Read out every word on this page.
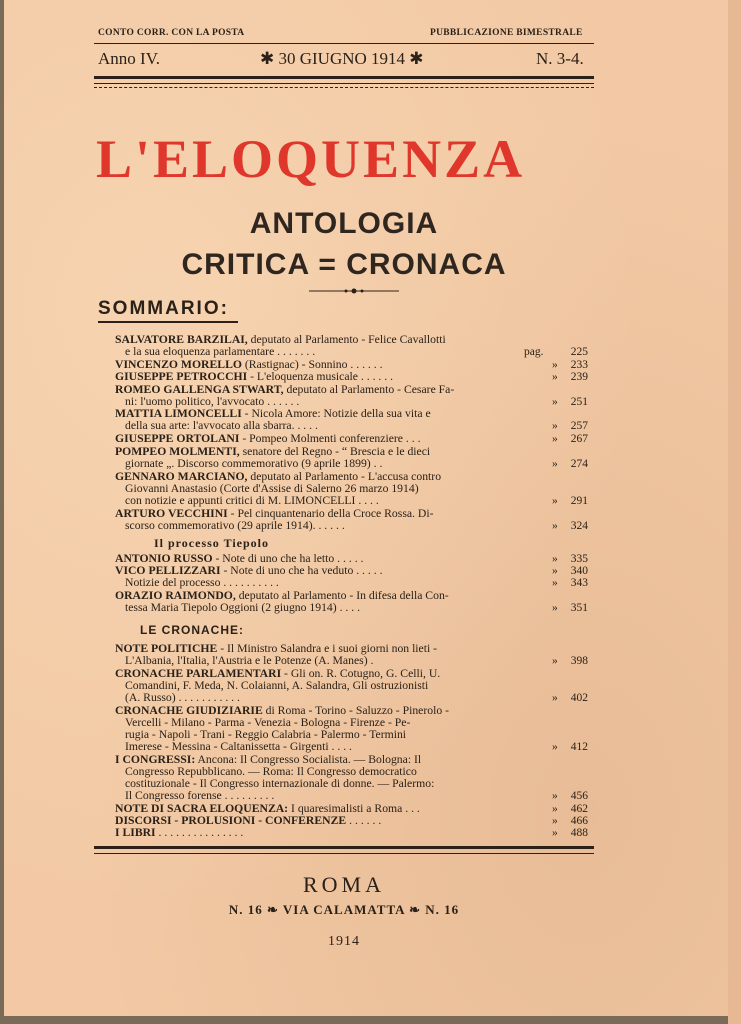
CONTO CORR. CON LA POSTA	PUBBLICAZIONE BIMESTRALE
Anno IV.	✱ 30 GIUGNO 1914 ✱	N. 3-4.
L'ELOQUENZA
ANTOLOGIA
CRITICA = CRONACA
SOMMARIO:
SALVATORE BARZILAI, deputato al Parlamento - Felice Cavallotti
e la sua eloquenza parlamentare . . . . . . .	pag. 225
VINCENZO MORELLO (Rastignac) - Sonnino . . . . . .	» 233
GIUSEPPE PETROCCHI - L'eloquenza musicale . . . . . .	» 239
ROMEO GALLENGA STWART, deputato al Parlamento - Cesare Fa-
ni: l'uomo politico, l'avvocato . . . . . .	» 251
MATTIA LIMONCELLI - Nicola Amore: Notizie della sua vita e
della sua arte: l'avvocato alla sbarra. . . . .	» 257
GIUSEPPE ORTOLANI - Pompeo Molmenti conferenziere . . .	» 267
POMPEO MOLMENTI, senatore del Regno - “ Brescia e le dieci
giornate „. Discorso commemorativo (9 aprile 1899) . .	» 274
GENNARO MARCIANO, deputato al Parlamento - L'accusa contro
Giovanni Anastasio (Corte d'Assise di Salerno 26 marzo 1914)
con notizie e appunti critici di M. LIMONCELLI . . . .	» 291
ARTURO VECCHINI - Pel cinquantenario della Croce Rossa. Di-
scorso commemorativo (29 aprile 1914). . . . . .	» 324
Il processo Tiepolo
ANTONIO RUSSO - Note di uno che ha letto . . . . .	» 335
VICO PELLIZZARI - Note di uno che ha veduto . . . . .	» 340
Notizie del processo . . . . . . . . . .	» 343
ORAZIO RAIMONDO, deputato al Parlamento - In difesa della Con-
tessa Maria Tiepolo Oggioni (2 giugno 1914) . . . .	» 351
LE CRONACHE:
NOTE POLITICHE - Il Ministro Salandra e i suoi giorni non lieti -
L'Albania, l'Italia, l'Austria e le Potenze (A. Manes) .	» 398
CRONACHE PARLAMENTARI - Gli on. R. Cotugno, G. Celli, U.
Comandini, F. Meda, N. Colaianni, A. Salandra, Gli ostruzionisti
(A. Russo) . . . . . . . . . . .	» 402
CRONACHE GIUDIZIARIE di Roma - Torino - Saluzzo - Pinerolo -
Vercelli - Milano - Parma - Venezia - Bologna - Firenze - Pe-
rugia - Napoli - Trani - Reggio Calabria - Palermo - Termini
Imerese - Messina - Caltanissetta - Girgenti . . . .	» 412
I CONGRESSI: Ancona: Il Congresso Socialista. — Bologna: Il
Congresso Repubblicano. — Roma: Il Congresso democratico
costituzionale - Il Congresso internazionale di donne. — Palermo:
Il Congresso forense . . . . . . . . .	» 456
NOTE DI SACRA ELOQUENZA: I quaresimalisti a Roma . . .	» 462
DISCORSI - PROLUSIONI - CONFERENZE . . . . . .	» 466
I LIBRI . . . . . . . . . . . . . . .	» 488
ROMA
N. 16 ❧ VIA CALAMATTA ❧ N. 16
1914
